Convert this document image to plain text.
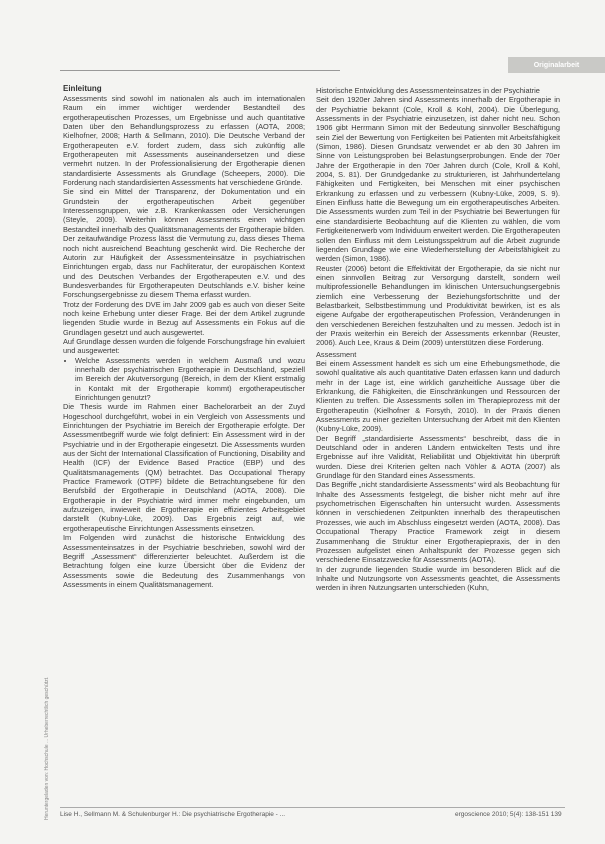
Originalarbeit
Heruntergeladen von: Hochschule ... Urheberrechtlich geschützt.
Einleitung

Assessments sind sowohl im nationalen als auch im internationalen Raum ein immer wichtiger werdender Bestandteil des ergotherapeutischen Prozesses, um Ergebnisse und auch quantitative Daten über den Behandlungsprozess zu erfassen (AOTA, 2008; Kielhofner, 2008; Harth & Sellmann, 2010). Die Deutsche Verband der Ergotherapeuten e.V. fordert zudem, dass sich zukünftig alle Ergotherapeuten mit Assessments auseinandersetzen und diese vermehrt nutzen. In der Professionalisierung der Ergotherapie dienen standardisierte Assessments als Grundlage (Scheepers, 2000). Die Forderung nach standardisierten Assessments hat verschiedene Gründe.

Sie sind ein Mittel der Transparenz, der Dokumentation und ein Grundstein der ergotherapeutischen Arbeit gegenüber Interessensgruppen, wie z.B. Krankenkassen oder Versicherungen (Steyle, 2009). Weiterhin können Assessments einen wichtigen Bestandteil innerhalb des Qualitätsmanagements der Ergotherapie bilden. Der zeitaufwändige Prozess lässt die Vermutung zu, dass dieses Thema noch nicht ausreichend Beachtung geschenkt wird. Die Recherche der Autorin zur Häufigkeit der Assessmenteinsätze in psychiatrischen Einrichtungen ergab, dass nur Fachliteratur, der europäischen Kontext und des Deutschen Verbandes der Ergotherapeuten e.V. und des Bundesverbandes für Ergotherapeuten Deutschlands e.V. bisher keine Forschungsergebnisse zu diesem Thema erfasst wurden.

Trotz der Forderung des DVE im Jahr 2009 gab es auch von dieser Seite noch keine Erhebung unter dieser Frage. Bei der dem Artikel zugrunde liegenden Studie wurde in Bezug auf Assessments ein Fokus auf die Grundlagen gesetzt und auch ausgewertet.

Auf Grundlage dessen wurden die folgende Forschungsfrage hin evaluiert und ausgewertet:

• Welche Assessments werden in welchem Ausmaß und wozu innerhalb der psychiatrischen Ergotherapie in Deutschland, speziell im Bereich der Akutversorgung (Bereich, in dem der Klient erstmalig in Kontakt mit der Ergotherapie kommt) ergotherapeutischer Einrichtungen genutzt?

Die Thesis wurde im Rahmen einer Bachelorarbeit an der Zuyd Hogeschool durchgeführt, wobei in ein Vergleich von Assessments und Einrichtungen der Psychiatrie im Bereich der Ergotherapie erfolgte. Der Assessmentbegriff wurde wie folgt definiert: Ein Assessment wird in der Psychiatrie und in der Ergotherapie eingesetzt. Die Assessments wurden aus der Sicht der International Classification of Functioning, Disability and Health (ICF) der Evidence Based Practice (EBP) und des Qualitätsmanagements (QM) betrachtet. Das Occupational Therapy Practice Framework (OTPF) bildete die Betrachtungsebene für den Berufsbild der Ergotherapie in Deutschland (AOTA, 2008). Die Ergotherapie in der Psychiatrie wird immer mehr eingebunden, um aufzuzeigen, inwieweit die Ergotherapie ein effizientes Arbeitsgebiet darstellt (Kubny-Lüke, 2009). Das Ergebnis zeigt auf, wie ergotherapeutische Einrichtungen Assessments einsetzen.

Im Folgenden wird zunächst die historische Entwicklung des Assessmenteinsatzes in der Psychiatrie beschrieben, sowohl wird der Begriff „Assessment“ differenzierter beleuchtet. Außerdem ist die Betrachtung folgen eine kurze Übersicht über die Evidenz der Assessments sowie die Bedeutung des Zusammenhangs von Assessments in einem Qualitätsmanagement.

Historische Entwicklung des Assessmenteinsatzes in der Psychiatrie

Seit den 1920er Jahren sind Assessments innerhalb der Ergotherapie in der Psychiatrie bekannt (Cole, Kroll & Kohl, 2004). Die Überlegung, Assessments in der Psychiatrie einzusetzen, ist daher nicht neu. Schon 1906 gibt Herrmann Simon mit der Bedeutung sinnvoller Beschäftigung sein Ziel der Bewertung von Fertigkeiten bei Patienten mit Arbeitsfähigkeit (Simon, 1986). Diesen Grundsatz verwendet er ab den 30 Jahren im Sinne von Leistungsproben bei Belastungserprobungen. Ende der 70er Jahre der Ergotherapie in den 70er Jahren durch (Cole, Kroll & Kohl, 2004, S. 81). Der Grundgedanke zu strukturieren, ist Jahrhundertelang Fähigkeiten und Fertigkeiten, bei Menschen mit einer psychischen Erkrankung zu erfassen und zu verbessern (Kubny-Lüke, 2009, S. 9). Einen Einfluss hatte die Bewegung um ein ergotherapeutisches Arbeiten. Die Assessments wurden zum Teil in der Psychiatrie bei Bewertungen für eine standardisierte Beobachtung auf die Klienten zu wählen, die vom Fertigkeitenerwerb vom Individuum erweitert werden. Die Ergotherapeuten sollen den Einfluss mit dem Leistungsspektrum auf die Arbeit zugrunde liegenden Grundlage wie eine Wiederherstellung der Arbeitsfähigkeit zu werden (Simon, 1986).

Reuster (2006) betont die Effektivität der Ergotherapie, da sie nicht nur einen sinnvollen Beitrag zur Versorgung darstellt, sondern weil multiprofessionelle Behandlungen im klinischen Untersuchungsergebnis ziemlich eine Verbesserung der Beziehungsfortschritte und der Belastbarkeit, Selbstbestimmung und Produktivität bewirken, ist es als eigene Aufgabe der ergotherapeutischen Profession, Veränderungen in den verschiedenen Bereichen festzuhalten und zu messen. Jedoch ist in der Praxis weiterhin ein Bereich der Assessments erkennbar (Reuster, 2006). Auch Lee, Kraus & Deim (2009) unterstützen diese Forderung.

Assessment

Bei einem Assessment handelt es sich um eine Erhebungsmethode, die sowohl qualitative als auch quantitative Daten erfassen kann und dadurch mehr in der Lage ist, eine wirklich ganzheitliche Aussage über die Erkrankung, die Fähigkeiten, die Einschränkungen und Ressourcen der Klienten zu treffen. Die Assessments sollen im Therapieprozess mit der Ergotherapeutin (Kielhofner & Forsyth, 2010). In der Praxis dienen Assessments zu einer gezielten Untersuchung der Arbeit mit den Klienten (Kubny-Lüke, 2009).

Der Begriff „standardisierte Assessments“ beschreibt, dass die in Deutschland oder in anderen Ländern entwickelten Tests und ihre Ergebnisse auf ihre Validität, Reliabilität und Objektivität hin überprüft wurden. Diese drei Kriterien gelten nach Vöhler & AOTA (2007) als Grundlage für den Standard eines Assessments.

Das Begriffe „nicht standardisierte Assessments“ wird als Beobachtung für Inhalte des Assessments festgelegt, die bisher nicht mehr auf ihre psychometrischen Eigenschaften hin untersucht wurden. Assessments können in verschiedenen Zeitpunkten innerhalb des therapeutischen Prozesses, wie auch im Abschluss eingesetzt werden (AOTA, 2008). Das Occupational Therapy Practice Framework zeigt in diesem Zusammenhang die Struktur einer Ergotherapiepraxis, der in den Prozessen aufgelistet einen Anhaltspunkt der Prozesse gegen sich verschiedene Einsatzzwecke für Assessments (AOTA).

In der zugrunde liegenden Studie wurde im besonderen Blick auf die Inhalte und Nutzungsorte von Assessments geachtet, die Assessments werden in ihren Nutzungsarten unterschieden (Kuhn,

Lise H., Sellmann M. & Schulenburger H.: Die psychiatrische Ergotherapie - ...	ergoscience 2010; 5(4): 138-151 139
